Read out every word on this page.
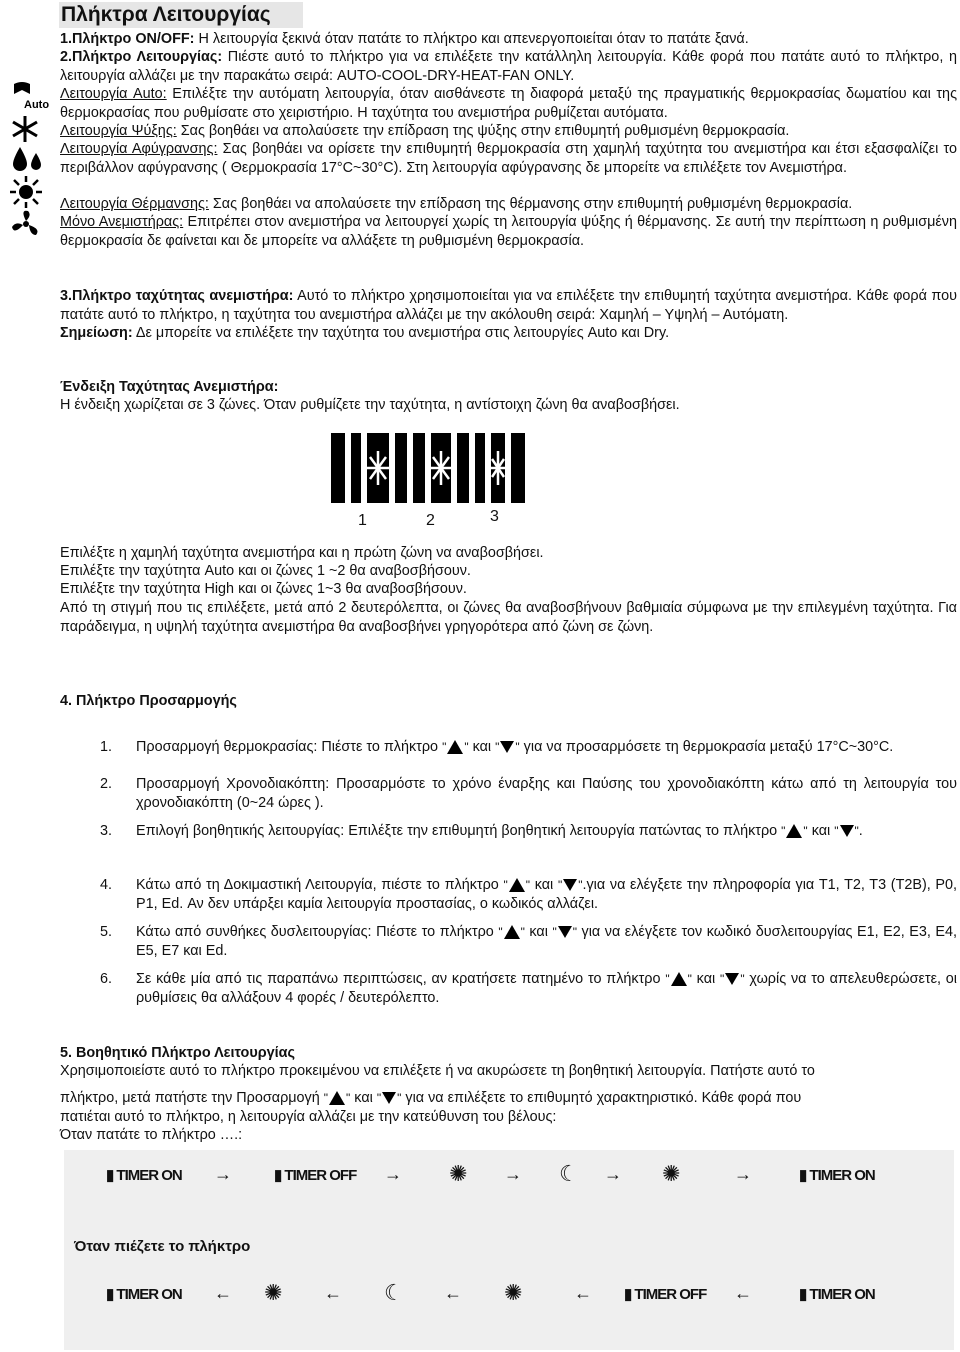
Πλήκτρα Λειτουργίας
1.Πλήκτρο ON/OFF: Η λειτουργία ξεκινά όταν πατάτε το πλήκτρο και απενεργοποιείται όταν το πατάτε ξανά.
2.Πλήκτρο Λειτουργίας: Πιέστε αυτό το πλήκτρο για να επιλέξετε την κατάλληλη λειτουργία. Κάθε φορά που πατάτε αυτό το πλήκτρο, η λειτουργία αλλάζει με την παρακάτω σειρά: AUTO-COOL-DRY-HEAT-FAN ONLY.
Auto
Λειτουργία Auto: Επιλέξτε την αυτόματη λειτουργία, όταν αισθάνεστε τη διαφορά μεταξύ της πραγματικής θερμοκρασίας δωματίου και της θερμοκρασίας που ρυθμίσατε στο χειριστήριο. Η ταχύτητα του ανεμιστήρα ρυθμίζεται αυτόματα.
Λειτουργία Ψύξης: Σας βοηθάει να απολαύσετε την επίδραση της ψύξης στην επιθυμητή ρυθμισμένη θερμοκρασία.
Λειτουργία Αφύγρανσης: Σας βοηθάει να ορίσετε την επιθυμητή θερμοκρασία στη χαμηλή ταχύτητα του ανεμιστήρα και έτσι εξασφαλίζει το περιβάλλον αφύγρανσης ( Θερμοκρασία 17°C~30°C). Στη λειτουργία αφύγρανσης δε μπορείτε να επιλέξετε τον Ανεμιστήρα.
Λειτουργία Θέρμανσης: Σας βοηθάει να απολαύσετε την επίδραση της θέρμανσης στην επιθυμητή ρυθμισμένη θερμοκρασία.
Μόνο Ανεμιστήρας: Επιτρέπει στον ανεμιστήρα να λειτουργεί χωρίς τη λειτουργία ψύξης ή θέρμανσης. Σε αυτή την περίπτωση η ρυθμισμένη θερμοκρασία δε φαίνεται και δε μπορείτε να αλλάξετε τη ρυθμισμένη θερμοκρασία.
3.Πλήκτρο ταχύτητας ανεμιστήρα: Αυτό το πλήκτρο χρησιμοποιείται για να επιλέξετε την επιθυμητή ταχύτητα ανεμιστήρα. Κάθε φορά που πατάτε αυτό το πλήκτρο, η ταχύτητα του ανεμιστήρα αλλάζει με την ακόλουθη σειρά: Χαμηλή – Υψηλή – Αυτόματη.
Σημείωση: Δε μπορείτε να επιλέξετε την ταχύτητα του ανεμιστήρα στις λειτουργίες Auto και Dry.
Ένδειξη Ταχύτητας Ανεμιστήρα:
Η ένδειξη χωρίζεται σε 3 ζώνες. Όταν ρυθμίζετε την ταχύτητα, η αντίστοιχη ζώνη θα αναβοσβήσει.
1	2	3
Επιλέξτε η χαμηλή ταχύτητα ανεμιστήρα και η πρώτη ζώνη να αναβοσβήσει.
Επιλέξτε την ταχύτητα Auto και οι ζώνες 1 ~2 θα αναβοσβήσουν.
Επιλέξτε την ταχύτητα High και οι ζώνες 1~3 θα αναβοσβήσουν.
Από τη στιγμή που τις επιλέξετε, μετά από 2 δευτερόλεπτα, οι ζώνες θα αναβοσβήνουν βαθμιαία σύμφωνα με την επιλεγμένη ταχύτητα. Για παράδειγμα, η υψηλή ταχύτητα ανεμιστήρα θα αναβοσβήνει γρηγορότερα από ζώνη σε ζώνη.
4. Πλήκτρο Προσαρμογής
1. Προσαρμογή θερμοκρασίας: Πιέστε το πλήκτρο " " και " " για να προσαρμόσετε τη θερμοκρασία μεταξύ 17°C~30°C.
2. Προσαρμογή Χρονοδιακόπτη: Προσαρμόστε το χρόνο έναρξης και Παύσης του χρονοδιακόπτη κάτω από τη λειτουργία του χρονοδιακόπτη (0~24 ώρες ).
3. Επιλογή βοηθητικής λειτουργίας: Επιλέξτε την επιθυμητή βοηθητική λειτουργία πατώντας το πλήκτρο " " και " ".
4. Κάτω από τη Δοκιμαστική Λειτουργία, πιέστε το πλήκτρο " " και " ".για να ελέγξετε την πληροφορία για T1, T2, T3 (T2B), P0, P1, Ed. Αν δεν υπάρξει καμία λειτουργία προστασίας, ο κωδικός αλλάζει.
5. Κάτω από συνθήκες δυσλειτουργίας: Πιέστε το πλήκτρο " " και " " για να ελέγξετε τον κωδικό δυσλειτουργίας E1, E2, E3, E4, E5, E7 και Ed.
6. Σε κάθε μία από τις παραπάνω περιπτώσεις, αν κρατήσετε πατημένο το πλήκτρο " " και " " χωρίς να το απελευθερώσετε, οι ρυθμίσεις θα αλλάξουν 4 φορές / δευτερόλεπτο.
5. Βοηθητικό Πλήκτρο Λειτουργίας
Χρησιμοποιείστε αυτό το πλήκτρο προκειμένου να επιλέξετε ή να ακυρώσετε τη βοηθητική λειτουργία. Πατήστε αυτό το
πλήκτρο, μετά πατήστε την Προσαρμογή " " και " " για να επιλέξετε το επιθυμητό χαρακτηριστικό. Κάθε φορά που
πατιέται αυτό το πλήκτρο, η λειτουργία αλλάζει με την κατεύθυνση του βέλους:
Όταν πατάτε το πλήκτρο ….:
▮ TIMER ON →	▮ TIMER OFF → ✺ → ☾ → ✺	→	▮ TIMER ON
Όταν πιέζετε το πλήκτρο
▮ TIMER ON ← ✺ ← ☾ ← ✺	← ▮ TIMER OFF ←	▮ TIMER ON
